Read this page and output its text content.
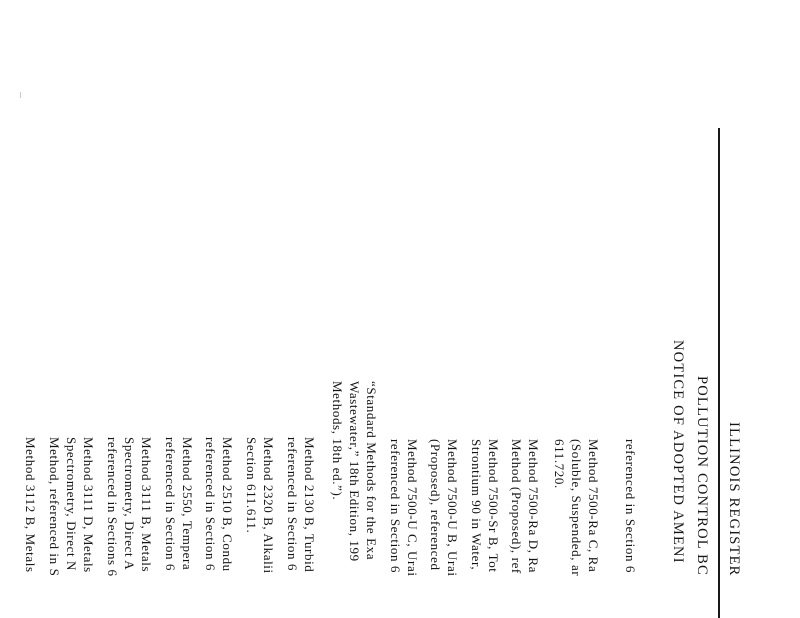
ILLINOIS REGISTER
POLLUTION CONTROL BC
NOTICE OF ADOPTED AMENI
referenced in Section 6
Method 7500-Ra C, Ra
(Soluble, Suspended, ar
611.720.
Method 7500-Ra D, Ra
Method (Proposed), ref
Method 7500-Sr B, Tot
Strontium 90 in Water,
Method 7500-U B, Urai
(Proposed), referenced
Method 7500-U C, Urai
referenced in Section 6
“Standard Methods for the Exa
Wastewater,” 18th Edition, 199
Methods, 18th ed.”).
Method 2130 B, Turbid
referenced in Section 6
Method 2320 B, Alkalii
Section 611.611.
Method 2510 B, Condu
referenced in Section 6
Method 2550, Tempera
referenced in Section 6
Method 3111 B, Metals
Spectrometry, Direct A
referenced in Sections 6
Method 3111 D, Metals
Spectrometry, Direct N
Method, referenced in S
Method 3112 B, Metals
